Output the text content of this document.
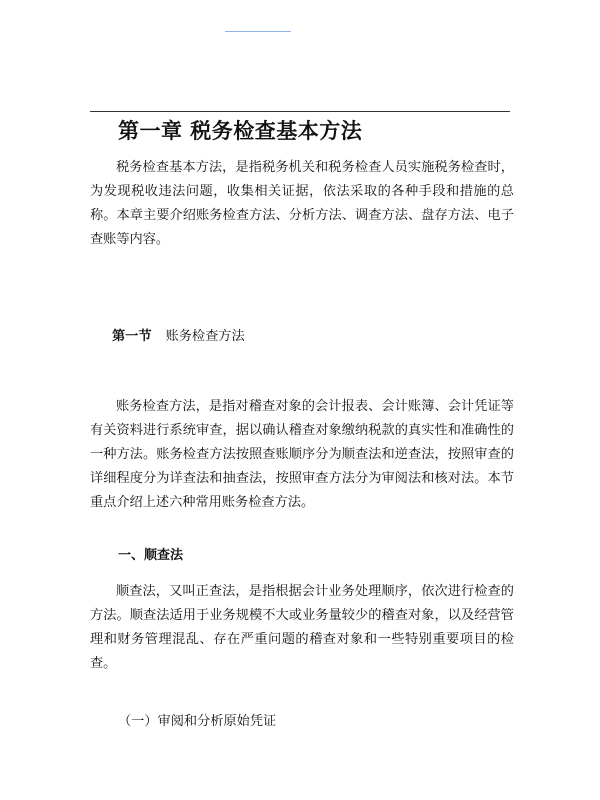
第一章 税务检查基本方法

税务检查基本方法，是指税务机关和税务检查人员实施税务检查时，为发现税收违法问题，收集相关证据，依法采取的各种手段和措施的总称。本章主要介绍账务检查方法、分析方法、调查方法、盘存方法、电子查账等内容。

第一节 账务检查方法

账务检查方法，是指对稽查对象的会计报表、会计账簿、会计凭证等有关资料进行系统审查，据以确认稽查对象缴纳税款的真实性和准确性的一种方法。账务检查方法按照查账顺序分为顺查法和逆查法，按照审查的详细程度分为详查法和抽查法，按照审查方法分为审阅法和核对法。本节重点介绍上述六种常用账务检查方法。

一、顺查法

顺查法，又叫正查法，是指根据会计业务处理顺序，依次进行检查的方法。顺查法适用于业务规模不大或业务量较少的稽查对象，以及经营管理和财务管理混乱、存在严重问题的稽查对象和一些特别重要项目的检查。

（一）审阅和分析原始凭证
